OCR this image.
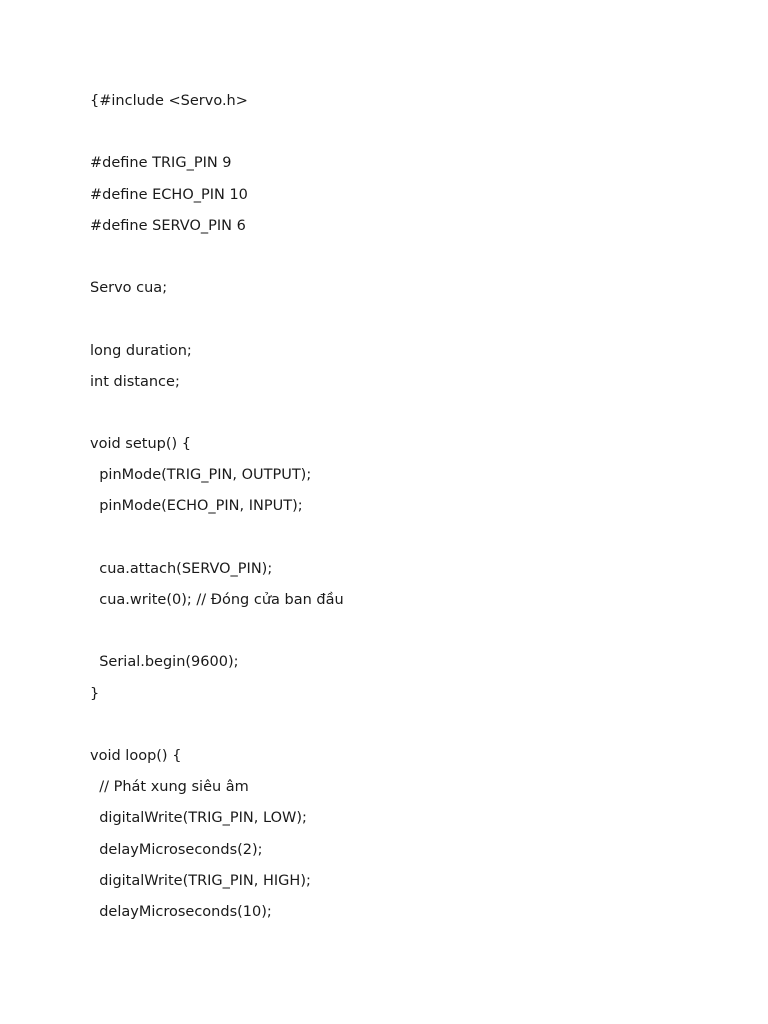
{#include <Servo.h>
#define TRIG_PIN 9
#define ECHO_PIN 10
#define SERVO_PIN 6
Servo cua;
long duration;
int distance;
void setup() {
pinMode(TRIG_PIN, OUTPUT);
pinMode(ECHO_PIN, INPUT);
cua.attach(SERVO_PIN);
cua.write(0); // Đóng cửa ban đầu
Serial.begin(9600);
}
void loop() {
// Phát xung siêu âm
digitalWrite(TRIG_PIN, LOW);
delayMicroseconds(2);
digitalWrite(TRIG_PIN, HIGH);
delayMicroseconds(10);
